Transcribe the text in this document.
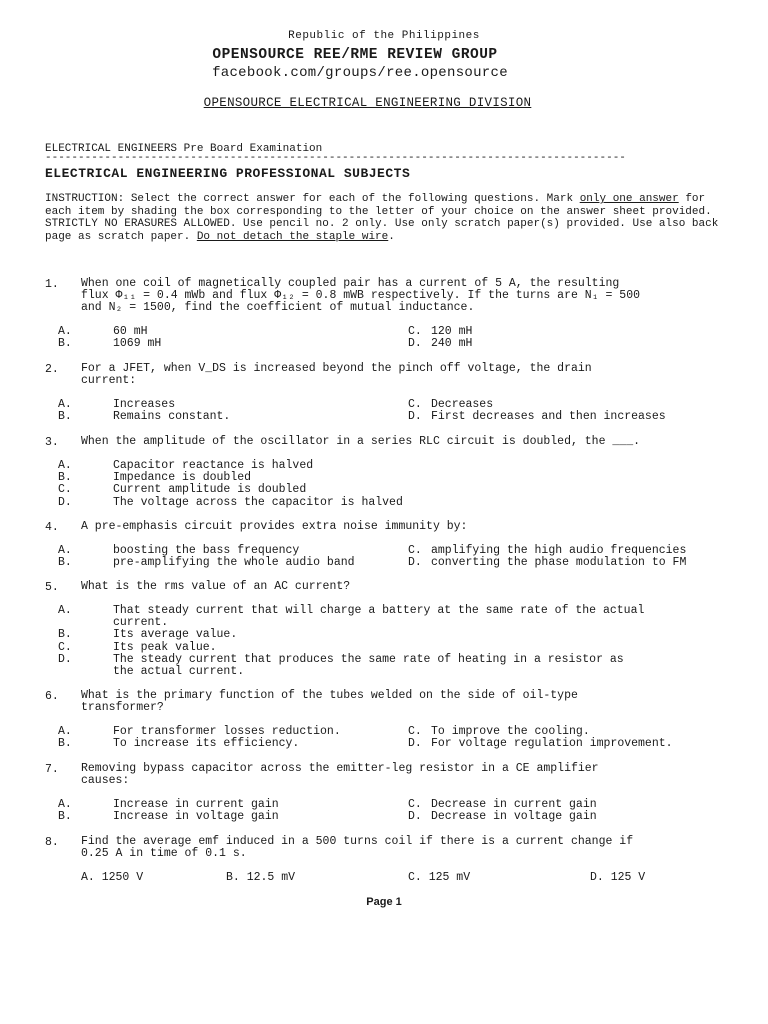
Republic of the Philippines
OPENSOURCE REE/RME REVIEW GROUP
facebook.com/groups/ree.opensource
OPENSOURCE ELECTRICAL ENGINEERING DIVISION
ELECTRICAL ENGINEERS Pre Board Examination
----------------------------------------------------------------------------------------
ELECTRICAL ENGINEERING PROFESSIONAL SUBJECTS
INSTRUCTION: Select the correct answer for each of the following questions. Mark only one answer for each item by shading the box corresponding to the letter of your choice on the answer sheet provided. STRICTLY NO ERASURES ALLOWED. Use pencil no. 2 only. Use only scratch paper(s) provided. Use also back page as scratch paper. Do not detach the staple wire.
1. When one coil of magnetically coupled pair has a current of 5 A, the resulting
flux Φ₁₁ = 0.4 mWb and flux Φ₁₂ = 0.8 mWB respectively. If the turns are N₁ = 500
and N₂ = 1500, find the coefficient of mutual inductance.
A.	60 mH	C. 120 mH
B.	1069 mH	D. 240 mH
2. For a JFET, when V_DS is increased beyond the pinch off voltage, the drain
current:
A.	Increases	C. Decreases
B.	Remains constant.	D. First decreases and then increases
3. When the amplitude of the oscillator in a series RLC circuit is doubled, the ___.
A.	Capacitor reactance is halved
B.	Impedance is doubled
C.	Current amplitude is doubled
D.	The voltage across the capacitor is halved
4. A pre-emphasis circuit provides extra noise immunity by:
A.	boosting the bass frequency	C. amplifying the high audio frequencies
B.	pre-amplifying the whole audio band	D. converting the phase modulation to FM
5. What is the rms value of an AC current?
A.	That steady current that will charge a battery at the same rate of the actual
current.
B.	Its average value.
C.	Its peak value.
D.	The steady current that produces the same rate of heating in a resistor as
the actual current.
6. What is the primary function of the tubes welded on the side of oil-type
transformer?
A.	For transformer losses reduction.	C. To improve the cooling.
B.	To increase its efficiency.	D. For voltage regulation improvement.
7. Removing bypass capacitor across the emitter-leg resistor in a CE amplifier
causes:
A.	Increase in current gain	C. Decrease in current gain
B.	Increase in voltage gain	D. Decrease in voltage gain
8. Find the average emf induced in a 500 turns coil if there is a current change if
0.25 A in time of 0.1 s.
A. 1250 V	B. 12.5 mV	C. 125 mV	D. 125 V
Page 1
